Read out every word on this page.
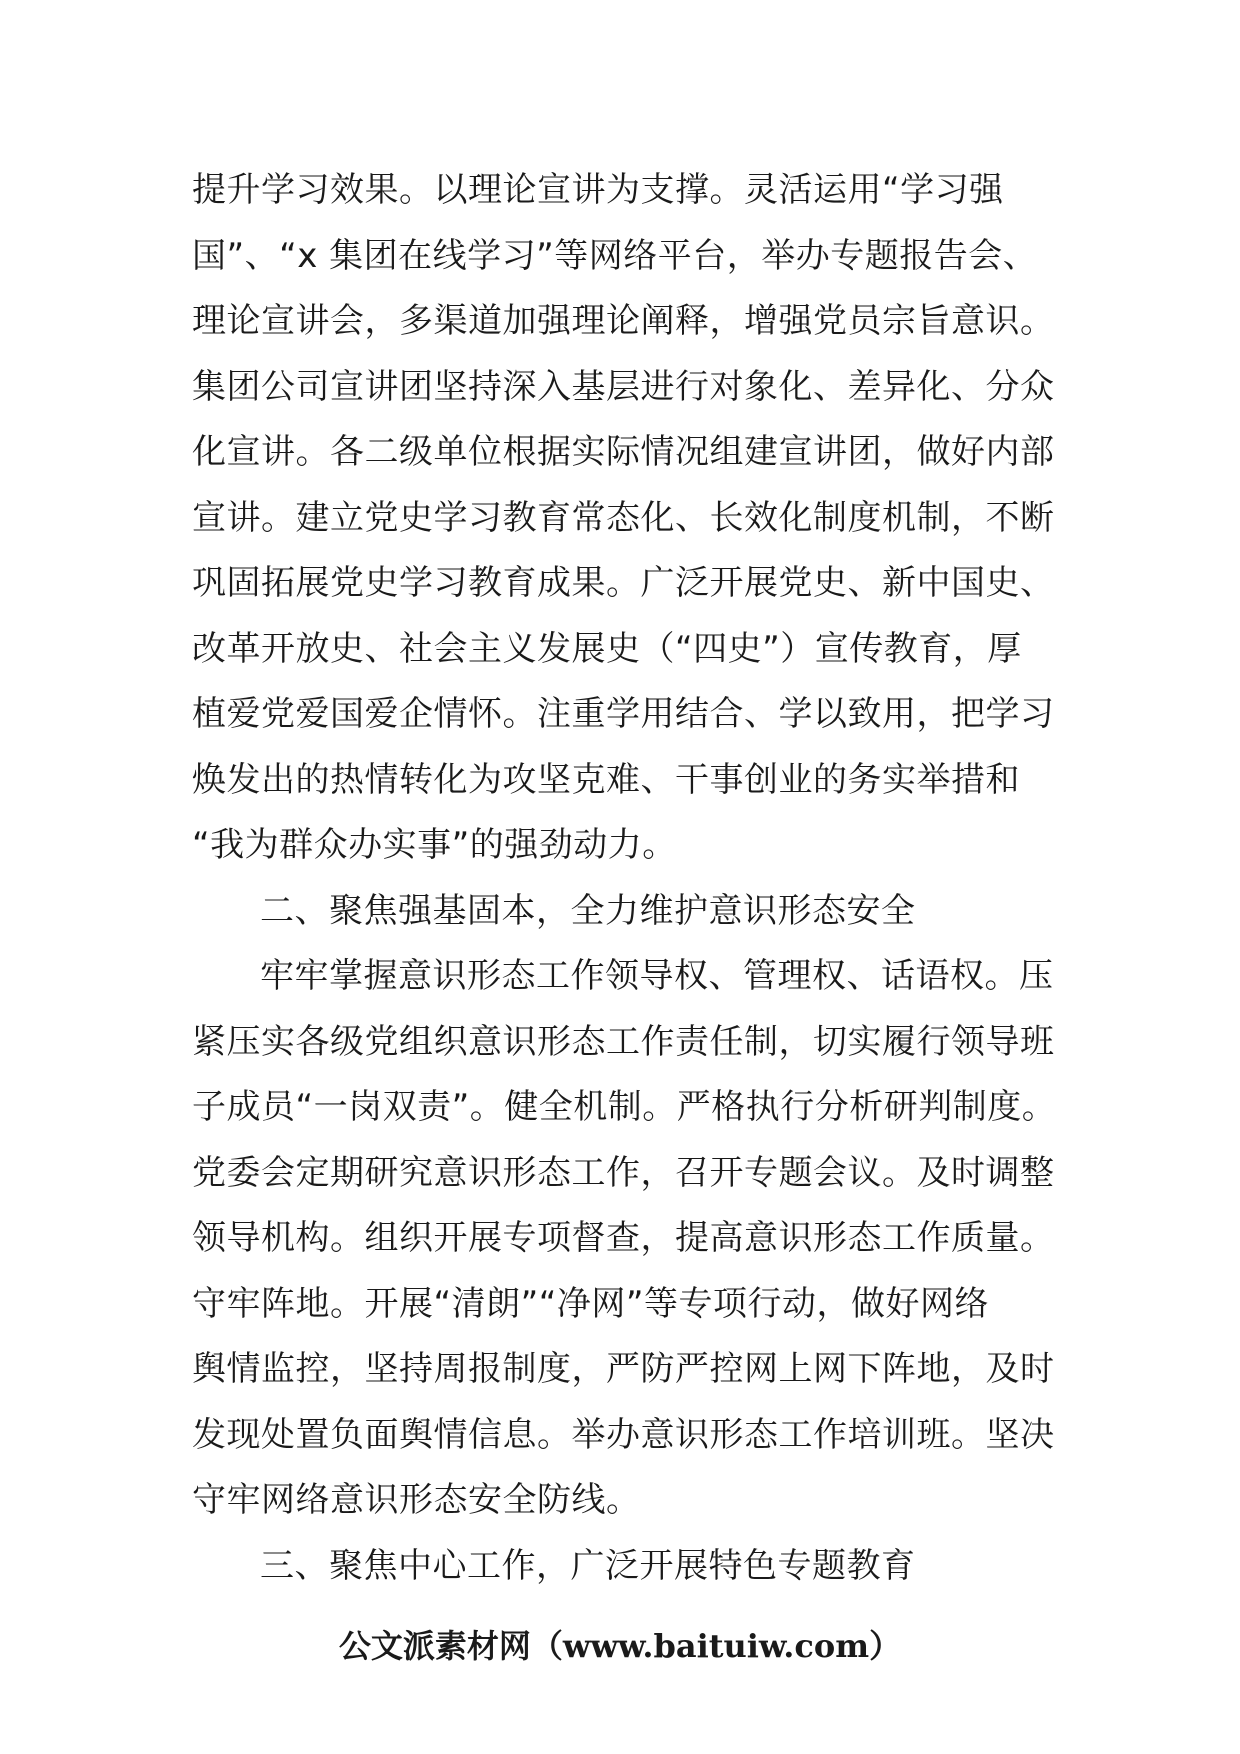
提升学习效果。以理论宣讲为支撑。灵活运用“学习强
国”、“x 集团在线学习”等网络平台，举办专题报告会、
理论宣讲会，多渠道加强理论阐释，增强党员宗旨意识。
集团公司宣讲团坚持深入基层进行对象化、差异化、分众
化宣讲。各二级单位根据实际情况组建宣讲团，做好内部
宣讲。建立党史学习教育常态化、长效化制度机制，不断
巩固拓展党史学习教育成果。广泛开展党史、新中国史、
改革开放史、社会主义发展史（“四史”）宣传教育，厚
植爱党爱国爱企情怀。注重学用结合、学以致用，把学习
焕发出的热情转化为攻坚克难、干事创业的务实举措和
“我为群众办实事”的强劲动力。
二、聚焦强基固本，全力维护意识形态安全
牢牢掌握意识形态工作领导权、管理权、话语权。压
紧压实各级党组织意识形态工作责任制，切实履行领导班
子成员“一岗双责”。健全机制。严格执行分析研判制度。
党委会定期研究意识形态工作，召开专题会议。及时调整
领导机构。组织开展专项督查，提高意识形态工作质量。
守牢阵地。开展“清朗”“净网”等专项行动，做好网络
舆情监控，坚持周报制度，严防严控网上网下阵地，及时
发现处置负面舆情信息。举办意识形态工作培训班。坚决
守牢网络意识形态安全防线。
三、聚焦中心工作，广泛开展特色专题教育
公文派素材网（www.baituiw.com）
